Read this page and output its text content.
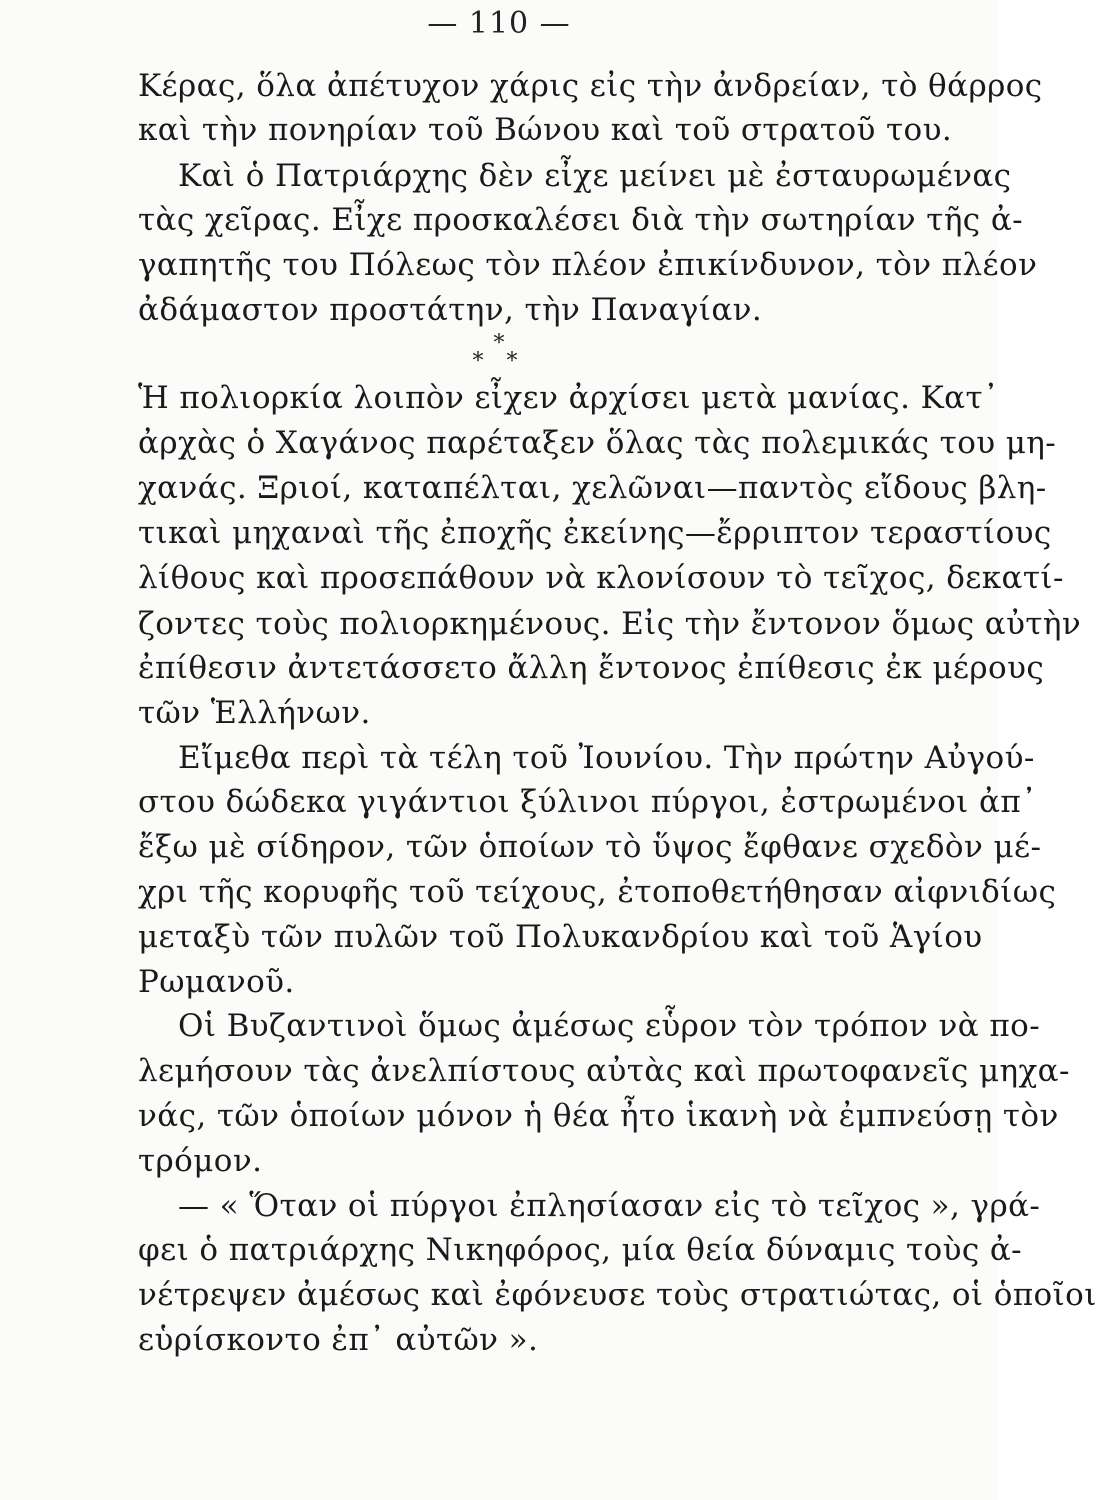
— 110 —
Κέρας, ὅλα ἀπέτυχον χάρις εἰς τὴν ἀνδρείαν, τὸ θάρρος
καὶ τὴν πονηρίαν τοῦ Βώνου καὶ τοῦ στρατοῦ του.
Καὶ ὁ Πατριάρχης δὲν εἶχε μείνει μὲ ἐσταυρωμένας
τὰς χεῖρας. Εἶχε προσκαλέσει διὰ τὴν σωτηρίαν τῆς ἀ-
γαπητῆς του Πόλεως τὸν πλέον ἐπικίνδυνον, τὸν πλέον
ἀδάμαστον προστάτην, τὴν Παναγίαν.
*
* *
Ἡ πολιορκία λοιπὸν εἶχεν ἀρχίσει μετὰ μανίας. Κατ᾽
ἀρχὰς ὁ Χαγάνος παρέταξεν ὅλας τὰς πολεμικάς του μη-
χανάς. Ξριοί, καταπέλται, χελῶναι—παντὸς εἴδους βλη-
τικαὶ μηχαναὶ τῆς ἐποχῆς ἐκείνης—ἔρριπτον τεραστίους
λίθους καὶ προσεπάθουν νὰ κλονίσουν τὸ τεῖχος, δεκατί-
ζοντες τοὺς πολιορκημένους. Εἰς τὴν ἔντονον ὅμως αὐτὴν
ἐπίθεσιν ἀντετάσσετο ἄλλη ἔντονος ἐπίθεσις ἐκ μέρους
τῶν Ἑλλήνων.
Εἴμεθα περὶ τὰ τέλη τοῦ Ἰουνίου. Τὴν πρώτην Αὐγού-
στου δώδεκα γιγάντιοι ξύλινοι πύργοι, ἐστρωμένοι ἀπ᾽
ἔξω μὲ σίδηρον, τῶν ὁποίων τὸ ὕψος ἔφθανε σχεδὸν μέ-
χρι τῆς κορυφῆς τοῦ τείχους, ἐτοποθετήθησαν αἰφνιδίως
μεταξὺ τῶν πυλῶν τοῦ Πολυκανδρίου καὶ τοῦ Ἁγίου
Ρωμανοῦ.
Οἱ Βυζαντινοὶ ὅμως ἀμέσως εὗρον τὸν τρόπον νὰ πο-
λεμήσουν τὰς ἀνελπίστους αὐτὰς καὶ πρωτοφανεῖς μηχα-
νάς, τῶν ὁποίων μόνον ἡ θέα ἦτο ἱκανὴ νὰ ἐμπνεύσῃ τὸν
τρόμον.
— « Ὅταν οἱ πύργοι ἐπλησίασαν εἰς τὸ τεῖχος », γρά-
φει ὁ πατριάρχης Νικηφόρος, μία θεία δύναμις τοὺς ἀ-
νέτρεψεν ἀμέσως καὶ ἐφόνευσε τοὺς στρατιώτας, οἱ ὁποῖοι
εὑρίσκοντο ἐπ᾽ αὐτῶν ».
